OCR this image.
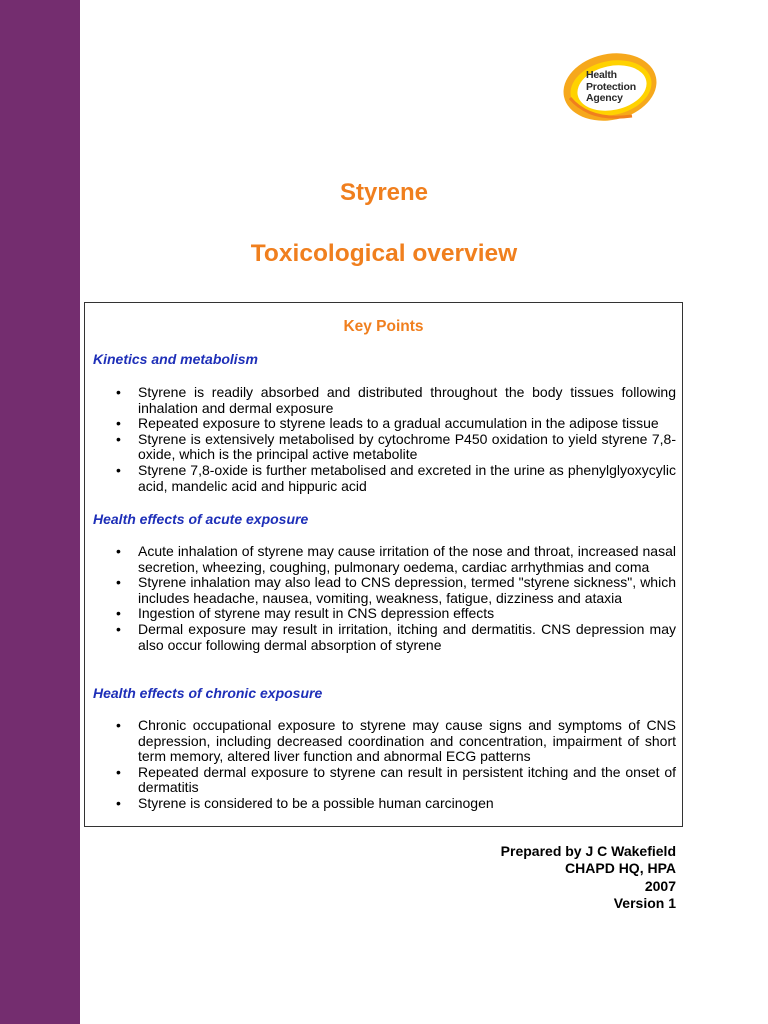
Health
Protection
Agency
Styrene
Toxicological overview
Key Points

Kinetics and metabolism

• Styrene is readily absorbed and distributed throughout the body tissues following inhalation and dermal exposure
• Repeated exposure to styrene leads to a gradual accumulation in the adipose tissue
• Styrene is extensively metabolised by cytochrome P450 oxidation to yield styrene 7,8-oxide, which is the principal active metabolite
• Styrene 7,8-oxide is further metabolised and excreted in the urine as phenylglyoxycylic acid, mandelic acid and hippuric acid

Health effects of acute exposure

• Acute inhalation of styrene may cause irritation of the nose and throat, increased nasal secretion, wheezing, coughing, pulmonary oedema, cardiac arrhythmias and coma
• Styrene inhalation may also lead to CNS depression, termed "styrene sickness", which includes headache, nausea, vomiting, weakness, fatigue, dizziness and ataxia
• Ingestion of styrene may result in CNS depression effects
• Dermal exposure may result in irritation, itching and dermatitis. CNS depression may also occur following dermal absorption of styrene

Health effects of chronic exposure

• Chronic occupational exposure to styrene may cause signs and symptoms of CNS depression, including decreased coordination and concentration, impairment of short term memory, altered liver function and abnormal ECG patterns
• Repeated dermal exposure to styrene can result in persistent itching and the onset of dermatitis
• Styrene is considered to be a possible human carcinogen
Prepared by J C Wakefield
CHAPD HQ, HPA
2007
Version 1
